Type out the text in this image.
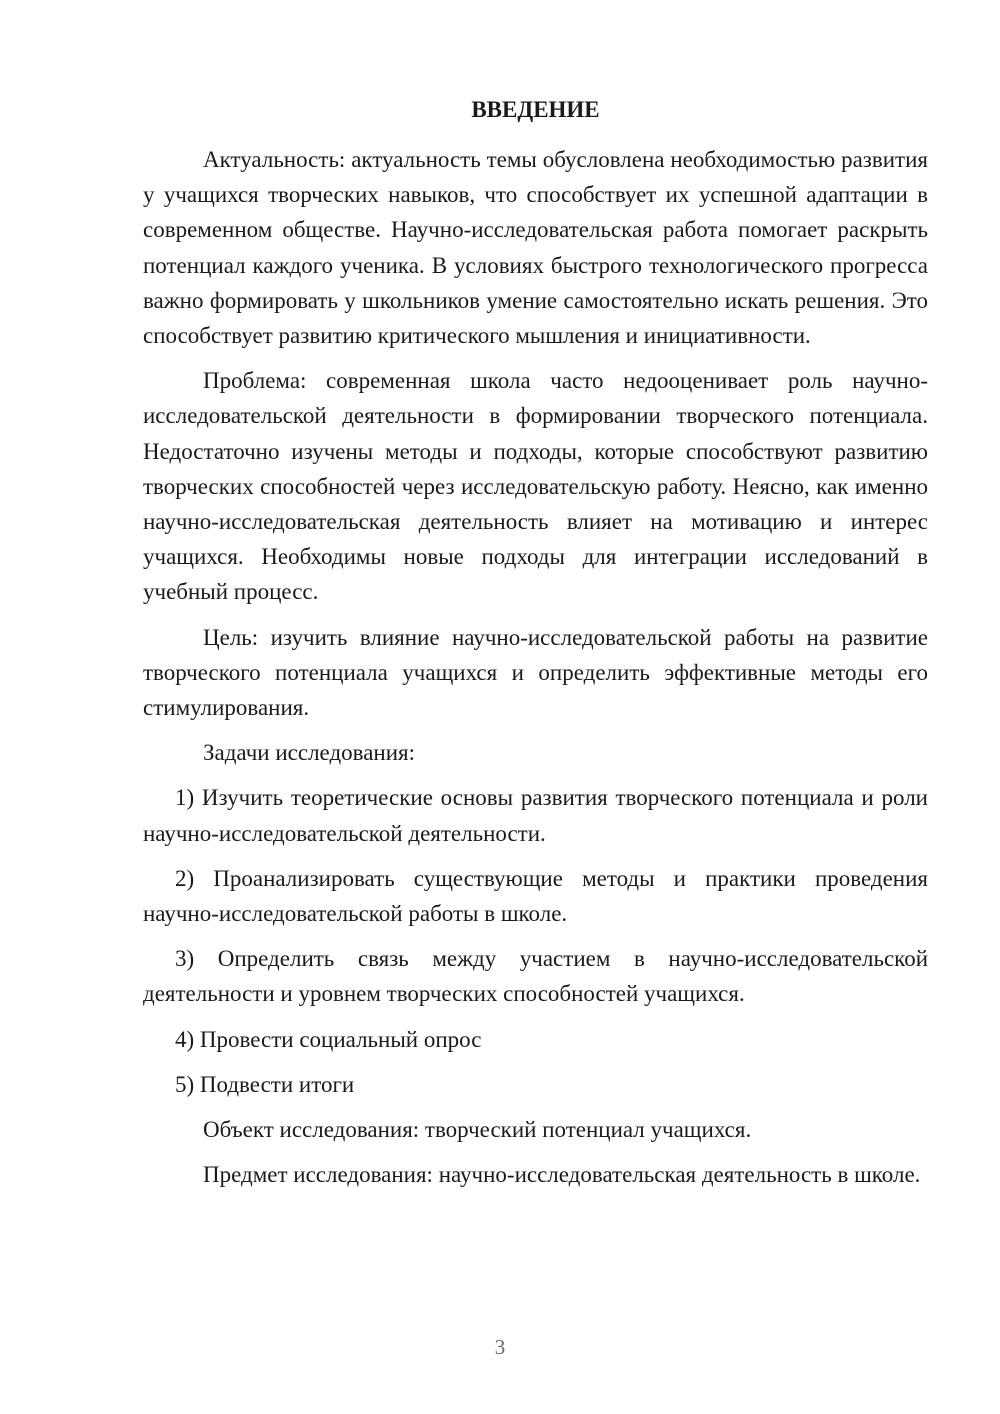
ВВЕДЕНИЕ

Актуальность: актуальность темы обусловлена необходимостью развития у учащихся творческих навыков, что способствует их успешной адаптации в современном обществе. Научно-исследовательская работа помогает раскрыть потенциал каждого ученика. В условиях быстрого технологического прогресса важно формировать у школьников умение самостоятельно искать решения. Это способствует развитию критического мышления и инициативности.

Проблема: современная школа часто недооценивает роль научно-исследовательской деятельности в формировании творческого потенциала. Недостаточно изучены методы и подходы, которые способствуют развитию творческих способностей через исследовательскую работу. Неясно, как именно научно-исследовательская деятельность влияет на мотивацию и интерес учащихся. Необходимы новые подходы для интеграции исследований в учебный процесс.

Цель: изучить влияние научно-исследовательской работы на развитие творческого потенциала учащихся и определить эффективные методы его стимулирования.

Задачи исследования:

1) Изучить теоретические основы развития творческого потенциала и роли научно-исследовательской деятельности.

2) Проанализировать существующие методы и практики проведения научно-исследовательской работы в школе.

3) Определить связь между участием в научно-исследовательской деятельности и уровнем творческих способностей учащихся.

4) Провести социальный опрос

5) Подвести итоги

Объект исследования: творческий потенциал учащихся.

Предмет исследования: научно-исследовательская деятельность в школе.

3
